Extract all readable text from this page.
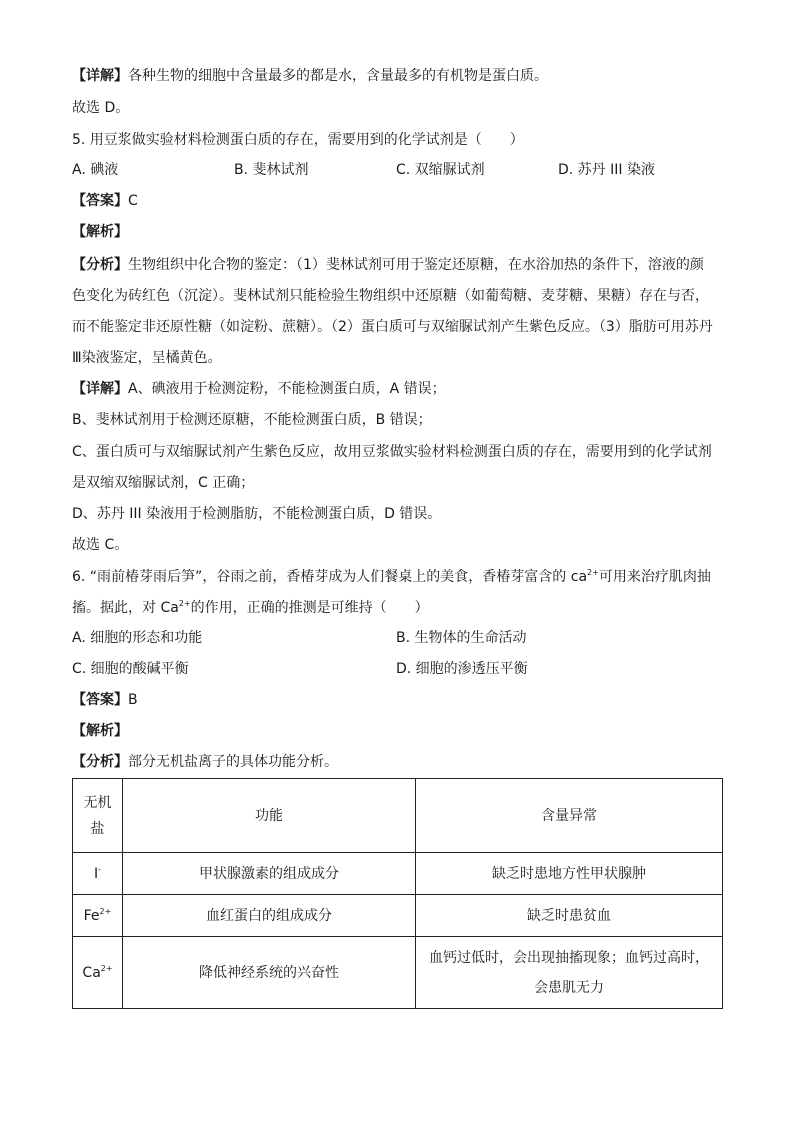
【详解】各种生物的细胞中含量最多的都是水，含量最多的有机物是蛋白质。
故选 D。
5. 用豆浆做实验材料检测蛋白质的存在，需要用到的化学试剂是（　　）
A. 碘液	B. 斐林试剂	C. 双缩脲试剂	D. 苏丹 III 染液
【答案】C
【解析】
【分析】生物组织中化合物的鉴定：（1）斐林试剂可用于鉴定还原糖，在水浴加热的条件下，溶液的颜
色变化为砖红色（沉淀）。斐林试剂只能检验生物组织中还原糖（如葡萄糖、麦芽糖、果糖）存在与否，
而不能鉴定非还原性糖（如淀粉、蔗糖）。（2）蛋白质可与双缩脲试剂产生紫色反应。（3）脂肪可用苏丹
Ⅲ染液鉴定，呈橘黄色。
【详解】A、碘液用于检测淀粉，不能检测蛋白质，A 错误；
B、斐林试剂用于检测还原糖，不能检测蛋白质，B 错误；
C、蛋白质可与双缩脲试剂产生紫色反应，故用豆浆做实验材料检测蛋白质的存在，需要用到的化学试剂
是双缩双缩脲试剂，C 正确；
D、苏丹 III 染液用于检测脂肪，不能检测蛋白质，D 错误。
故选 C。
6. “雨前椿芽雨后笋”，谷雨之前，香椿芽成为人们餐桌上的美食，香椿芽富含的 $ca^{2+}$可用来治疗肌肉抽
搐。据此，对 $Ca^{2+}$的作用，正确的推测是可维持（　　）
A. 细胞的形态和功能	B. 生物体的生命活动
C. 细胞的酸碱平衡	D. 细胞的渗透压平衡
【答案】B
【解析】
【分析】部分无机盐离子的具体功能分析。
无机盐	功能	含量异常
I-	甲状腺激素的组成成分	缺乏时患地方性甲状腺肿
$Fe^{2+}$	血红蛋白的组成成分	缺乏时患贫血
$Ca^{2+}$	降低神经系统的兴奋性	血钙过低时，会出现抽搐现象；血钙过高时，
会患肌无力
